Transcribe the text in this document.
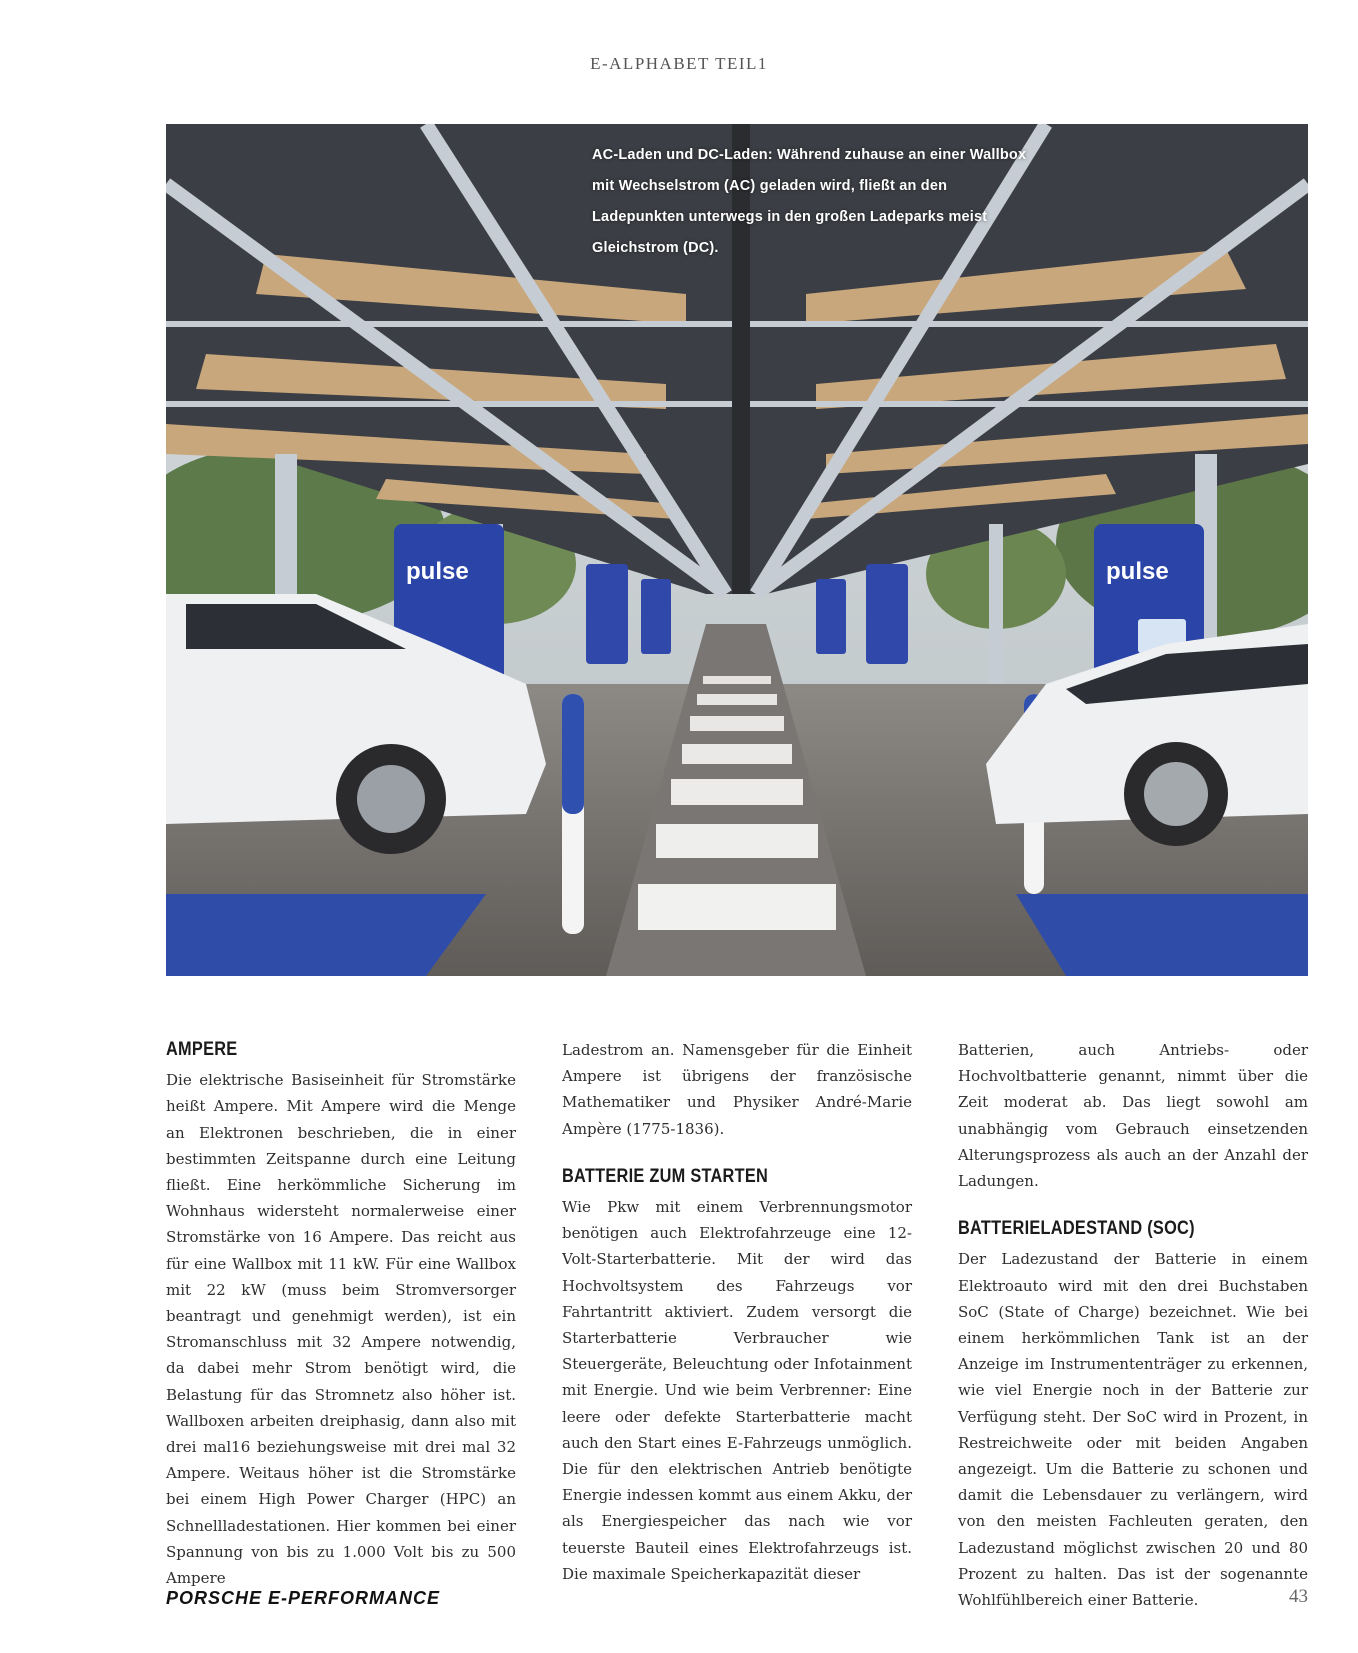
E-ALPHABET TEIL1
pulse	pulse
AC-Laden und DC-Laden: Während zuhause an einer Wallbox mit Wechselstrom (AC) geladen wird, fließt an den Ladepunkten unterwegs in den großen Ladeparks meist Gleichstrom (DC).
AMPERE

Die elektrische Basiseinheit für Stromstärke heißt Ampere. Mit Ampere wird die Menge an Elektronen beschrieben, die in einer bestimmten Zeitspanne durch eine Leitung fließt. Eine herkömmliche Sicherung im Wohnhaus widersteht normalerweise einer Stromstärke von 16 Ampere. Das reicht aus für eine Wallbox mit 11 kW. Für eine Wallbox mit 22 kW (muss beim Stromversorger beantragt und genehmigt werden), ist ein Stromanschluss mit 32 Ampere notwendig, da dabei mehr Strom benötigt wird, die Belastung für das Stromnetz also höher ist. Wallboxen arbeiten dreiphasig, dann also mit drei mal16 beziehungsweise mit drei mal 32 Ampere. Weitaus höher ist die Stromstärke bei einem High Power Charger (HPC) an Schnellladestationen. Hier kommen bei einer Spannung von bis zu 1.000 Volt bis zu 500 Ampere

Ladestrom an. Namensgeber für die Einheit Ampere ist übrigens der französische Mathematiker und Physiker André-Marie Ampère (1775-1836).

BATTERIE ZUM STARTEN

Wie Pkw mit einem Verbrennungsmotor benötigen auch Elektrofahrzeuge eine 12-Volt-Starterbatterie. Mit der wird das Hochvoltsystem des Fahrzeugs vor Fahrtantritt aktiviert. Zudem versorgt die Starterbatterie Verbraucher wie Steuergeräte, Beleuchtung oder Infotainment mit Energie. Und wie beim Verbrenner: Eine leere oder defekte Starterbatterie macht auch den Start eines E-Fahrzeugs unmöglich. Die für den elektrischen Antrieb benötigte Energie indessen kommt aus einem Akku, der als Energiespeicher das nach wie vor teuerste Bauteil eines Elektrofahrzeugs ist. Die maximale Speicherkapazität dieser

Batterien, auch Antriebs- oder Hochvoltbatterie genannt, nimmt über die Zeit moderat ab. Das liegt sowohl am unabhängig vom Gebrauch einsetzenden Alterungsprozess als auch an der Anzahl der Ladungen.

BATTERIELADESTAND (SOC)

Der Ladezustand der Batterie in einem Elektroauto wird mit den drei Buchstaben SoC (State of Charge) bezeichnet. Wie bei einem herkömmlichen Tank ist an der Anzeige im Instrumententräger zu erkennen, wie viel Energie noch in der Batterie zur Verfügung steht. Der SoC wird in Prozent, in Restreichweite oder mit beiden Angaben angezeigt. Um die Batterie zu schonen und damit die Lebensdauer zu verlängern, wird von den meisten Fachleuten geraten, den Ladezustand möglichst zwischen 20 und 80 Prozent zu halten. Das ist der sogenannte Wohlfühlbereich einer Batterie.

PORSCHE E-PERFORMANCE	43
